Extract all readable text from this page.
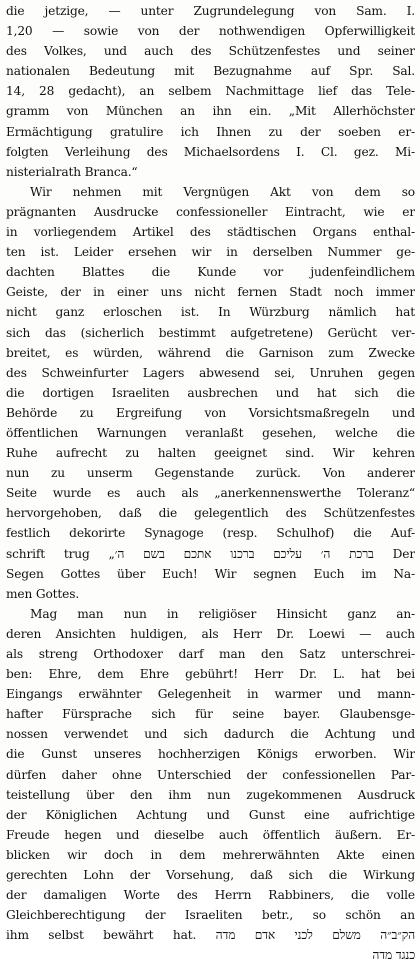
die jetzige, — unter Zugrundelegung von Sam. I.
1,20 — sowie von der nothwendigen Opferwilligkeit
des Volkes, und auch des Schützenfestes und seiner
nationalen Bedeutung mit Bezugnahme auf Spr. Sal.
14, 28 gedacht), an selbem Nachmittage lief das Tele-
gramm von München an ihn ein. „Mit Allerhöchster
Ermächtigung gratulire ich Ihnen zu der soeben er-
folgten Verleihung des Michaelsordens I. Cl. gez. Mi-
nisterialrath Branca.“
Wir nehmen mit Vergnügen Akt von dem so
prägnanten Ausdrucke confessioneller Eintracht, wie er
in vorliegendem Artikel des städtischen Organs enthal-
ten ist. Leider ersehen wir in derselben Nummer ge-
dachten Blattes die Kunde vor judenfeindlichem
Geiste, der in einer uns nicht fernen Stadt noch immer
nicht ganz erloschen ist. In Würzburg nämlich hat
sich das (sicherlich bestimmt aufgetretene) Gerücht ver-
breitet, es würden, während die Garnison zum Zwecke
des Schweinfurter Lagers abwesend sei, Unruhen gegen
die dortigen Israeliten ausbrechen und hat sich die
Behörde zu Ergreifung von Vorsichtsmaßregeln und
öffentlichen Warnungen veranlaßt gesehen, welche die
Ruhe aufrecht zu halten geeignet sind. Wir kehren
nun zu unserm Gegenstande zurück. Von anderer
Seite wurde es auch als „anerkennenswerthe Toleranz“
hervorgehoben, daß die gelegentlich des Schützenfestes
festlich dekorirte Synagoge (resp. Schulhof) die Auf-
schrift trug „ברכת ה׳ עליכם ברכנו אתכם בשם ה׳ Der
Segen Gottes über Euch! Wir segnen Euch im Na-
men Gottes.
Mag man nun in religiöser Hinsicht ganz an-
deren Ansichten huldigen, als Herr Dr. Loewi — auch
als streng Orthodoxer darf man den Satz unterschrei-
ben: Ehre, dem Ehre gebührt! Herr Dr. L. hat bei
Eingangs erwähnter Gelegenheit in warmer und mann-
hafter Fürsprache sich für seine bayer. Glaubensge-
nossen verwendet und sich dadurch die Achtung und
die Gunst unseres hochherzigen Königs erworben. Wir
dürfen daher ohne Unterschied der confessionellen Par-
teistellung über den ihm nun zugekommenen Ausdruck
der Königlichen Achtung und Gunst eine aufrichtige
Freude hegen und dieselbe auch öffentlich äußern. Er-
blicken wir doch in dem mehrerwähnten Akte einen
gerechten Lohn der Vorsehung, daß sich die Wirkung
der damaligen Worte des Herrn Rabbiners, die volle
Gleichberechtigung der Israeliten betr., so schön an
ihm selbst bewährt hat. הק״ב״ה משלם לכני אדם מדה
כנגד מדה
